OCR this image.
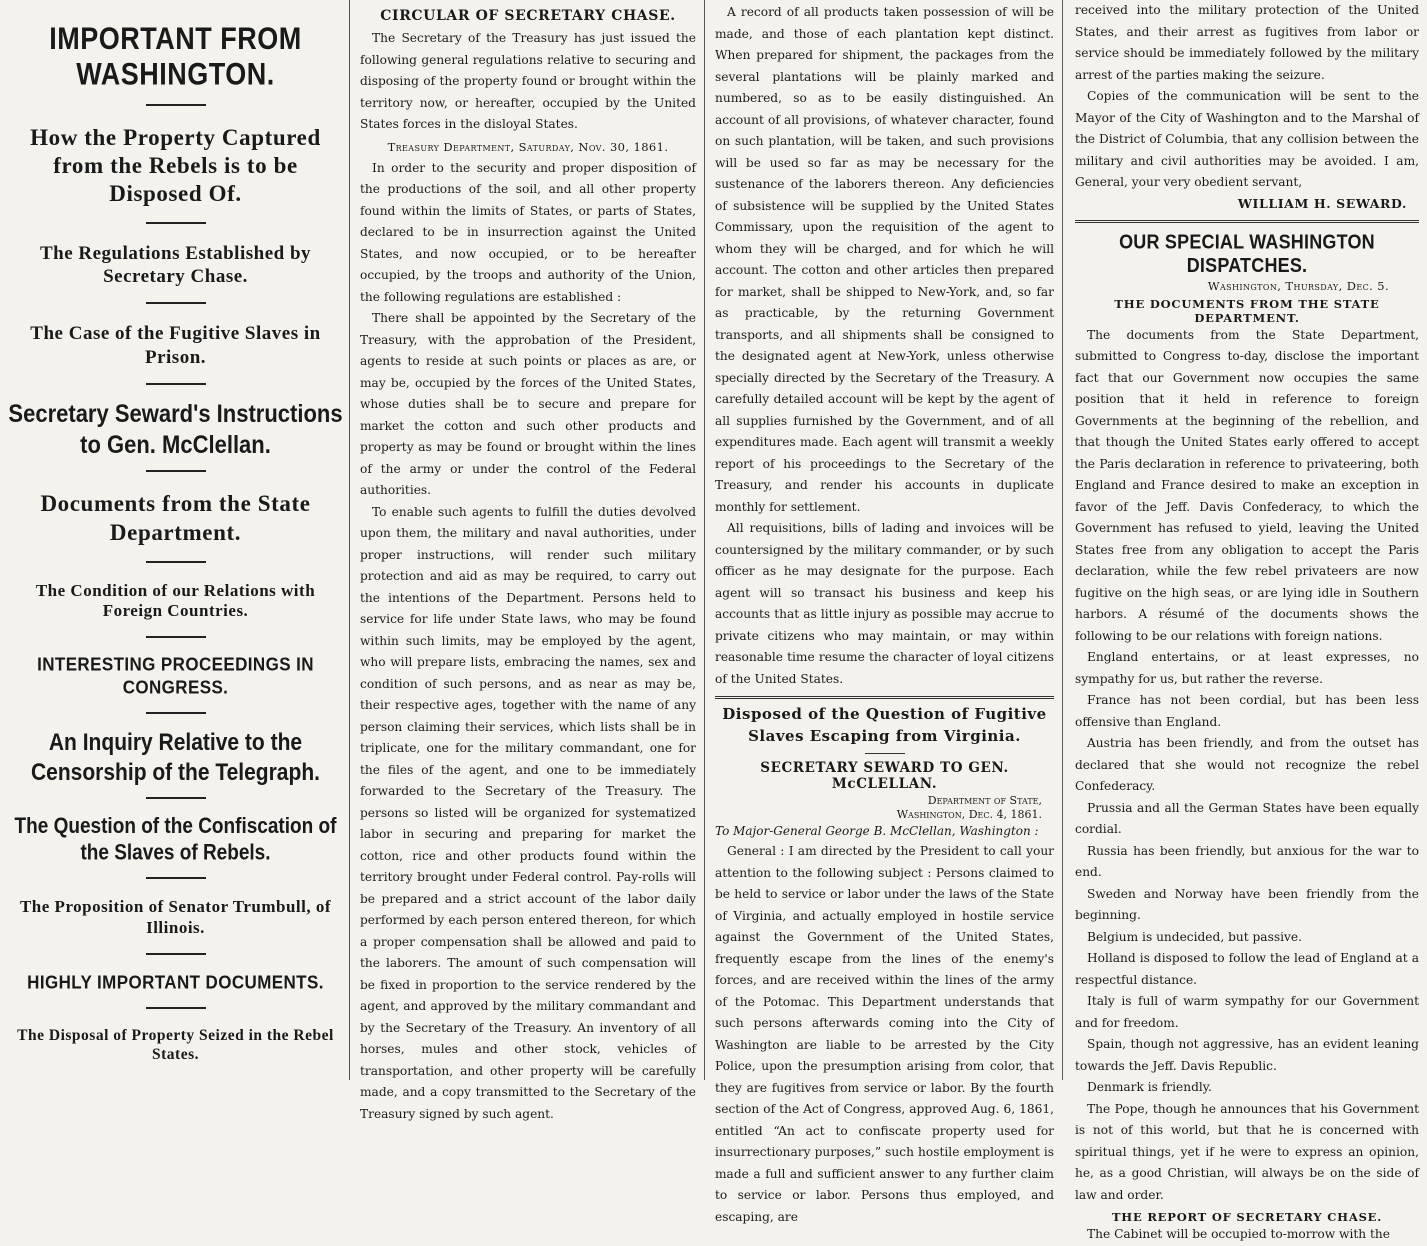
IMPORTANT FROM WASHINGTON.
How the Property Captured from the Rebels is to be Disposed Of.
The Regulations Established by Secretary Chase.
The Case of the Fugitive Slaves in Prison.
Secretary Seward's Instructions to Gen. McClellan.
Documents from the State Department.
The Condition of our Relations with Foreign Countries.
INTERESTING PROCEEDINGS IN CONGRESS.
An Inquiry Relative to the Censorship of the Telegraph.
The Question of the Confiscation of the Slaves of Rebels.
The Proposition of Senator Trumbull, of Illinois.
HIGHLY IMPORTANT DOCUMENTS.
The Disposal of Property Seized in the Rebel States.
CIRCULAR OF SECRETARY CHASE.

The Secretary of the Treasury has just issued the following general regulations relative to securing and disposing of the property found or brought within the territory now, or hereafter, occupied by the United States forces in the disloyal States.

Treasury Department, Saturday, Nov. 30, 1861.

In order to the security and proper disposition of the productions of the soil, and all other property found within the limits of States, or parts of States, declared to be in insurrection against the United States, and now occupied, or to be hereafter occupied, by the troops and authority of the Union, the following regulations are established :

There shall be appointed by the Secretary of the Treasury, with the approbation of the President, agents to reside at such points or places as are, or may be, occupied by the forces of the United States, whose duties shall be to secure and prepare for market the cotton and such other products and property as may be found or brought within the lines of the army or under the control of the Federal authorities.

To enable such agents to fulfill the duties devolved upon them, the military and naval authorities, under proper instructions, will render such military protection and aid as may be required, to carry out the intentions of the Department. Persons held to service for life under State laws, who may be found within such limits, may be employed by the agent, who will prepare lists, embracing the names, sex and condition of such persons, and as near as may be, their respective ages, together with the name of any person claiming their services, which lists shall be in triplicate, one for the military commandant, one for the files of the agent, and one to be immediately forwarded to the Secretary of the Treasury. The persons so listed will be organized for systematized labor in securing and preparing for market the cotton, rice and other products found within the territory brought under Federal control. Pay-rolls will be prepared and a strict account of the labor daily performed by each person entered thereon, for which a proper compensation shall be allowed and paid to the laborers. The amount of such compensation will be fixed in proportion to the service rendered by the agent, and approved by the military commandant and by the Secretary of the Treasury. An inventory of all horses, mules and other stock, vehicles of transportation, and other property will be carefully made, and a copy transmitted to the Secretary of the Treasury signed by such agent.

A record of all products taken possession of will be made, and those of each plantation kept distinct. When prepared for shipment, the packages from the several plantations will be plainly marked and numbered, so as to be easily distinguished. An account of all provisions, of whatever character, found on such plantation, will be taken, and such provisions will be used so far as may be necessary for the sustenance of the laborers thereon. Any deficiencies of subsistence will be supplied by the United States Commissary, upon the requisition of the agent to whom they will be charged, and for which he will account. The cotton and other articles then prepared for market, shall be shipped to New-York, and, so far as practicable, by the returning Government transports, and all shipments shall be consigned to the designated agent at New-York, unless otherwise specially directed by the Secretary of the Treasury. A carefully detailed account will be kept by the agent of all supplies furnished by the Government, and of all expenditures made. Each agent will transmit a weekly report of his proceedings to the Secretary of the Treasury, and render his accounts in duplicate monthly for settlement.

All requisitions, bills of lading and invoices will be countersigned by the military commander, or by such officer as he may designate for the purpose. Each agent will so transact his business and keep his accounts that as little injury as possible may accrue to private citizens who may maintain, or may within reasonable time resume the character of loyal citizens of the United States.

Disposed of the Question of Fugitive Slaves Escaping from Virginia.
SECRETARY SEWARD TO GEN. McCLELLAN.
Department of State,
Washington, Dec. 4, 1861.
To Major-General George B. McClellan, Washington :

General : I am directed by the President to call your attention to the following subject : Persons claimed to be held to service or labor under the laws of the State of Virginia, and actually employed in hostile service against the Government of the United States, frequently escape from the lines of the enemy's forces, and are received within the lines of the army of the Potomac. This Department understands that such persons afterwards coming into the City of Washington are liable to be arrested by the City Police, upon the presumption arising from color, that they are fugitives from service or labor. By the fourth section of the Act of Congress, approved Aug. 6, 1861, entitled “An act to confiscate property used for insurrectionary purposes,” such hostile employment is made a full and sufficient answer to any further claim to service or labor. Persons thus employed, and escaping, are

received into the military protection of the United States, and their arrest as fugitives from labor or service should be immediately followed by the military arrest of the parties making the seizure.

Copies of the communication will be sent to the Mayor of the City of Washington and to the Marshal of the District of Columbia, that any collision between the military and civil authorities may be avoided. I am, General, your very obedient servant,

WILLIAM H. SEWARD.
OUR SPECIAL WASHINGTON DISPATCHES.
Washington, Thursday, Dec. 5.
THE DOCUMENTS FROM THE STATE DEPARTMENT.

The documents from the State Department, submitted to Congress to-day, disclose the important fact that our Government now occupies the same position that it held in reference to foreign Governments at the beginning of the rebellion, and that though the United States early offered to accept the Paris declaration in reference to privateering, both England and France desired to make an exception in favor of the Jeff. Davis Confederacy, to which the Government has refused to yield, leaving the United States free from any obligation to accept the Paris declaration, while the few rebel privateers are now fugitive on the high seas, or are lying idle in Southern harbors. A résumé of the documents shows the following to be our relations with foreign nations.

England entertains, or at least expresses, no sympathy for us, but rather the reverse.

France has not been cordial, but has been less offensive than England.

Austria has been friendly, and from the outset has declared that she would not recognize the rebel Confederacy.

Prussia and all the German States have been equally cordial.

Russia has been friendly, but anxious for the war to end.

Sweden and Norway have been friendly from the beginning.

Belgium is undecided, but passive.

Holland is disposed to follow the lead of England at a respectful distance.

Italy is full of warm sympathy for our Government and for freedom.

Spain, though not aggressive, has an evident leaning towards the Jeff. Davis Republic.

Denmark is friendly.

The Pope, though he announces that his Government is not of this world, but that he is concerned with spiritual things, yet if he were to express an opinion, he, as a good Christian, will always be on the side of law and order.

THE REPORT OF SECRETARY CHASE.

The Cabinet will be occupied to-morrow with the
